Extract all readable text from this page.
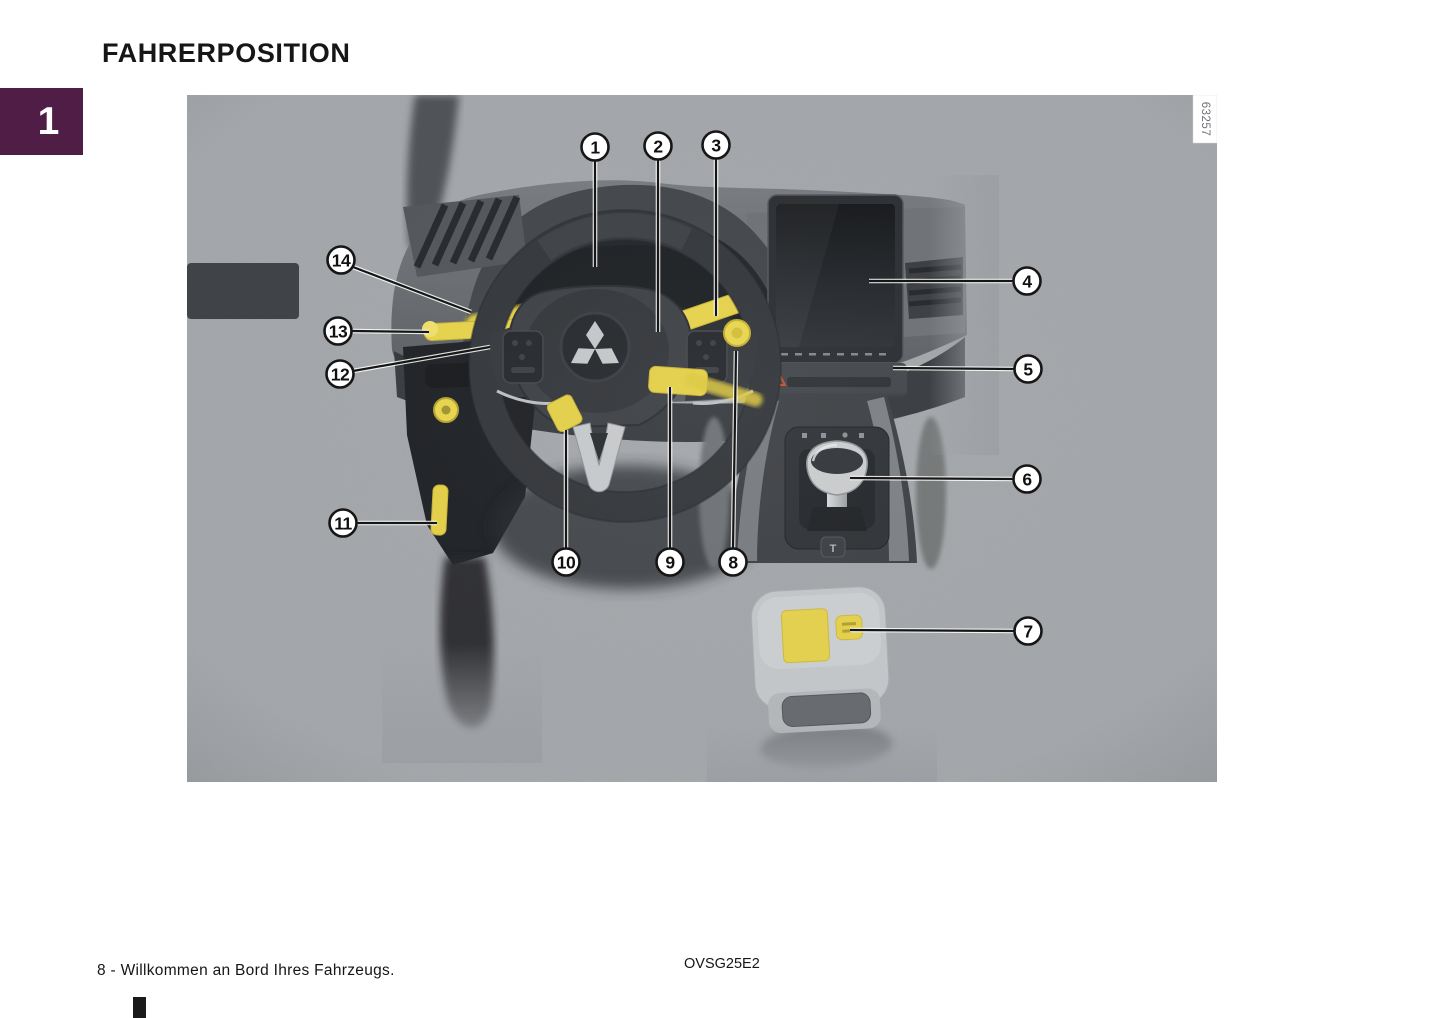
FAHRERPOSITION
1
1	2	3
4
5
6
7
8
9
10
11
12
13
14
63257
8 - Willkommen an Bord Ihres Fahrzeugs.	OVSG25E2
